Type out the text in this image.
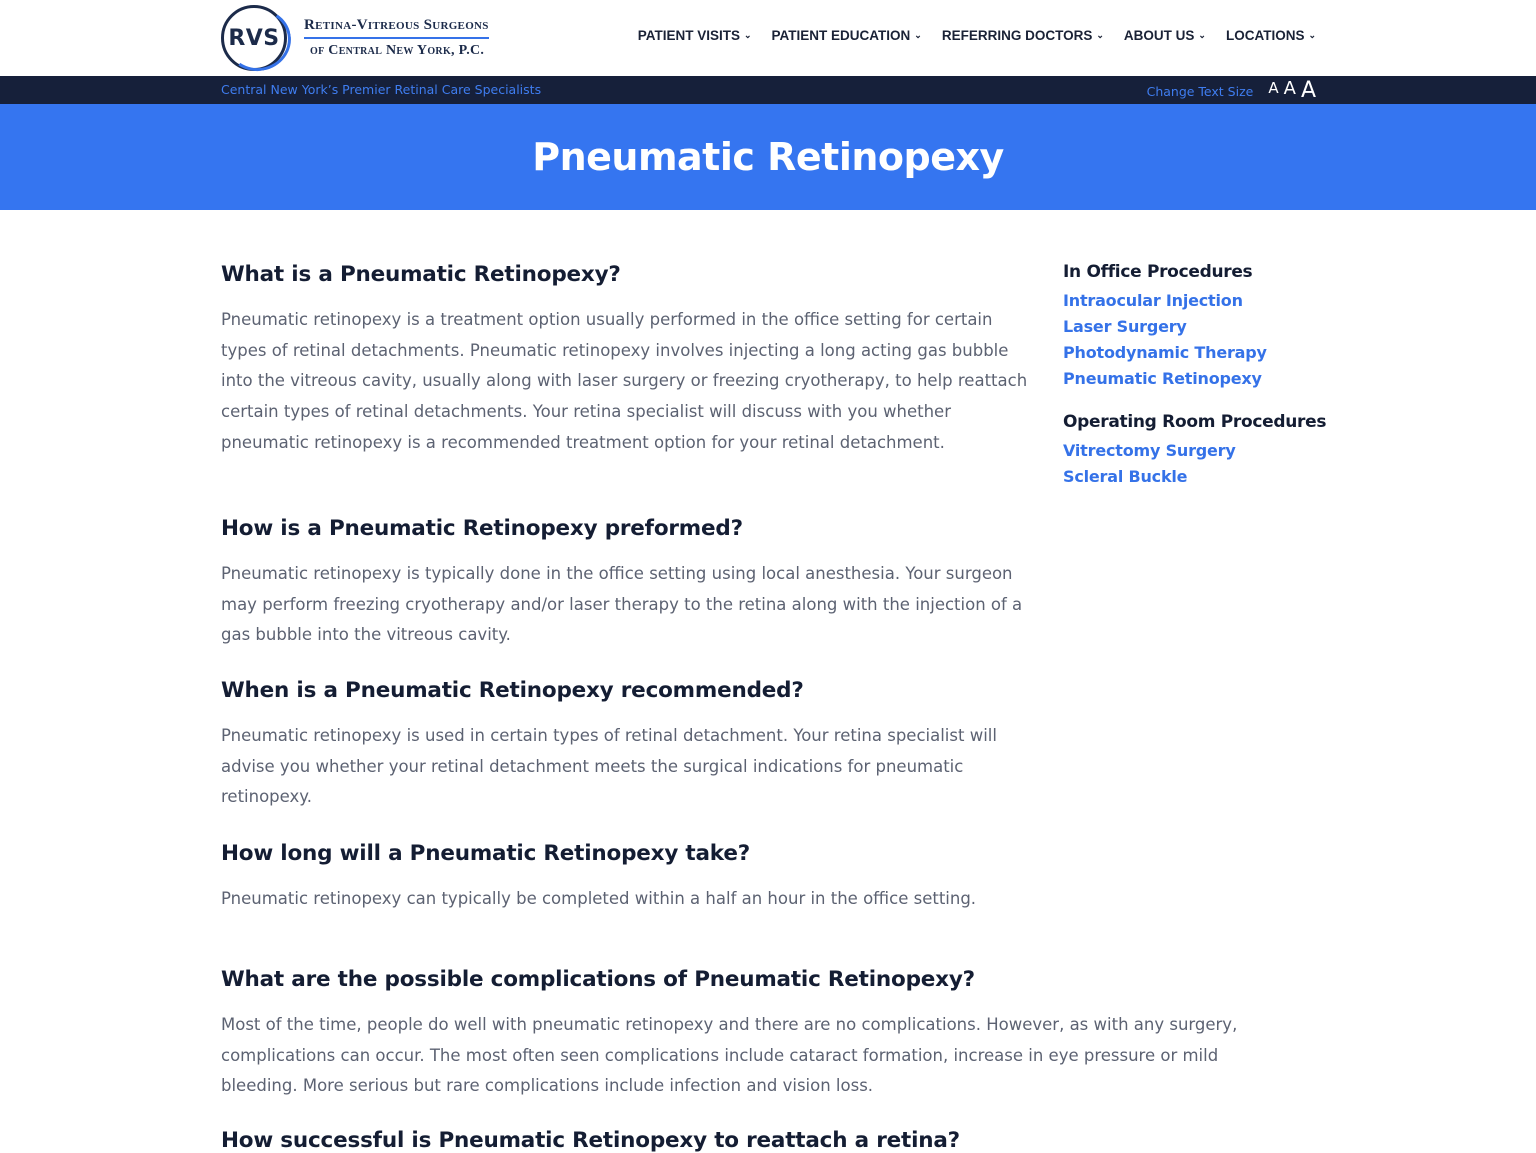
RVS
Retina-Vitreous Surgeons
of Central New York, P.C.
PATIENT VISITS ⌄ PATIENT EDUCATION ⌄ REFERRING DOCTORS ⌄ ABOUT US ⌄ LOCATIONS ⌄
Central New York’s Premier Retinal Care Specialists	Change Text Size A A A
Pneumatic Retinopexy
What is a Pneumatic Retinopexy?

Pneumatic retinopexy is a treatment option usually performed in the office setting for certain types of retinal detachments. Pneumatic retinopexy involves injecting a long acting gas bubble into the vitreous cavity, usually along with laser surgery or freezing cryotherapy, to help reattach certain types of retinal detachments. Your retina specialist will discuss with you whether pneumatic retinopexy is a recommended treatment option for your retinal detachment.

How is a Pneumatic Retinopexy preformed?

Pneumatic retinopexy is typically done in the office setting using local anesthesia. Your surgeon may perform freezing cryotherapy and/or laser therapy to the retina along with the injection of a gas bubble into the vitreous cavity.

When is a Pneumatic Retinopexy recommended?

Pneumatic retinopexy is used in certain types of retinal detachment. Your retina specialist will advise you whether your retinal detachment meets the surgical indications for pneumatic retinopexy.

How long will a Pneumatic Retinopexy take?

Pneumatic retinopexy can typically be completed within a half an hour in the office setting.

What are the possible complications of Pneumatic Retinopexy?

Most of the time, people do well with pneumatic retinopexy and there are no complications. However, as with any surgery, complications can occur. The most often seen complications include cataract formation, increase in eye pressure or mild bleeding. More serious but rare complications include infection and vision loss.

How successful is Pneumatic Retinopexy to reattach a retina?
In Office Procedures
Intraocular Injection
Laser Surgery
Photodynamic Therapy
Pneumatic Retinopexy
Operating Room Procedures
Vitrectomy Surgery
Scleral Buckle
